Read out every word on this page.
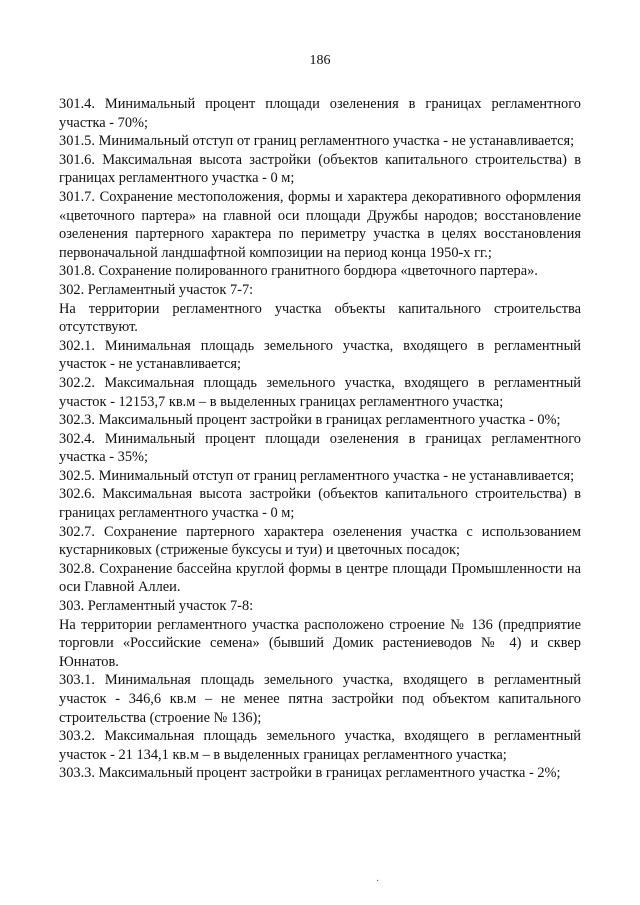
186

301.4. Минимальный процент площади озеленения в границах регламентного участка - 70%;

301.5. Минимальный отступ от границ регламентного участка - не устанавливается;

301.6. Максимальная высота застройки (объектов капитального строительства) в границах регламентного участка - 0 м;

301.7. Сохранение местоположения, формы и характера декоративного оформления «цветочного партера» на главной оси площади Дружбы народов; восстановление озеленения партерного характера по периметру участка в целях восстановления первоначальной ландшафтной композиции на период конца 1950-х гг.;

301.8. Сохранение полированного гранитного бордюра «цветочного партера».

302. Регламентный участок 7-7:

На территории регламентного участка объекты капитального строительства отсутствуют.

302.1. Минимальная площадь земельного участка, входящего в регламентный участок - не устанавливается;

302.2. Максимальная площадь земельного участка, входящего в регламентный участок - 12153,7 кв.м – в выделенных границах регламентного участка;

302.3. Максимальный процент застройки в границах регламентного участка - 0%;

302.4. Минимальный процент площади озеленения в границах регламентного участка - 35%;

302.5. Минимальный отступ от границ регламентного участка - не устанавливается;

302.6. Максимальная высота застройки (объектов капитального строительства) в границах регламентного участка - 0 м;

302.7. Сохранение партерного характера озеленения участка с использованием кустарниковых (стриженые буксусы и туи) и цветочных посадок;

302.8. Сохранение бассейна круглой формы в центре площади Промышленности на оси Главной Аллеи.

303. Регламентный участок 7-8:

На территории регламентного участка расположено строение № 136 (предприятие торговли «Российские семена» (бывший Домик растениеводов № 4) и сквер Юннатов.

303.1. Минимальная площадь земельного участка, входящего в регламентный участок - 346,6 кв.м – не менее пятна застройки под объектом капитального строительства (строение № 136);

303.2. Максимальная площадь земельного участка, входящего в регламентный участок - 21 134,1 кв.м – в выделенных границах регламентного участка;

303.3. Максимальный процент застройки в границах регламентного участка - 2%;

·
